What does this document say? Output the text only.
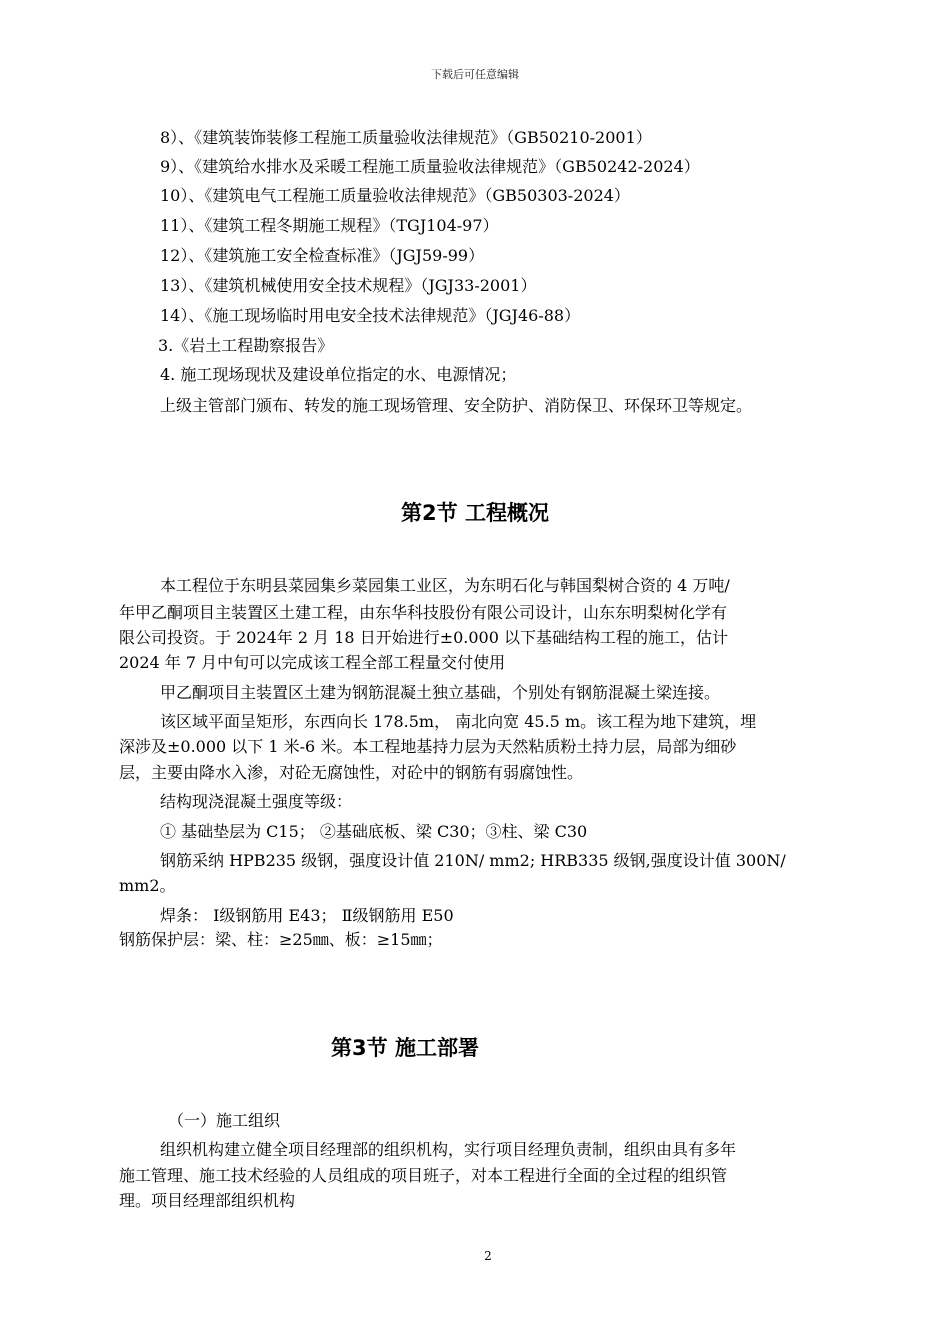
下载后可任意编辑
8）、《建筑装饰装修工程施工质量验收法律规范》（GB50210-2001）
9）、《建筑给水排水及采暖工程施工质量验收法律规范》（GB50242-2024）
10）、《建筑电气工程施工质量验收法律规范》（GB50303-2024）
11）、《建筑工程冬期施工规程》（TGJ104-97）
12）、《建筑施工安全检查标准》（JGJ59-99）
13）、《建筑机械使用安全技术规程》（JGJ33-2001）
14）、《施工现场临时用电安全技术法律规范》（JGJ46-88）
3.《岩土工程勘察报告》
4. 施工现场现状及建设单位指定的水、电源情况；
上级主管部门颁布、转发的施工现场管理、安全防护、消防保卫、环保环卫等规定。
第2节 工程概况
本工程位于东明县菜园集乡菜园集工业区，为东明石化与韩国梨树合资的 4 万吨/
年甲乙酮项目主装置区土建工程，由东华科技股份有限公司设计，山东东明梨树化学有
限公司投资。于 2024年 2 月 18 日开始进行±0.000 以下基础结构工程的施工，估计
2024 年 7 月中旬可以完成该工程全部工程量交付使用
甲乙酮项目主装置区土建为钢筋混凝土独立基础，个别处有钢筋混凝土梁连接。
该区域平面呈矩形，东西向长 178.5m， 南北向宽 45.5 m。该工程为地下建筑，埋
深涉及±0.000 以下 1 米-6 米。本工程地基持力层为天然粘质粉土持力层，局部为细砂
层，主要由降水入渗，对砼无腐蚀性，对砼中的钢筋有弱腐蚀性。
结构现浇混凝土强度等级：
① 基础垫层为 C15； ②基础底板、梁 C30；③柱、梁 C30
钢筋采纳 HPB235 级钢，强度设计值 210N/ mm2; HRB335 级钢,强度设计值 300N/
mm2。
焊条： Ⅰ级钢筋用 E43； Ⅱ级钢筋用 E50
钢筋保护层：梁、柱：≥25㎜、板：≥15㎜；
第3节 施工部署
（一）施工组织
组织机构建立健全项目经理部的组织机构，实行项目经理负责制，组织由具有多年
施工管理、施工技术经验的人员组成的项目班子，对本工程进行全面的全过程的组织管
理。项目经理部组织机构
2
